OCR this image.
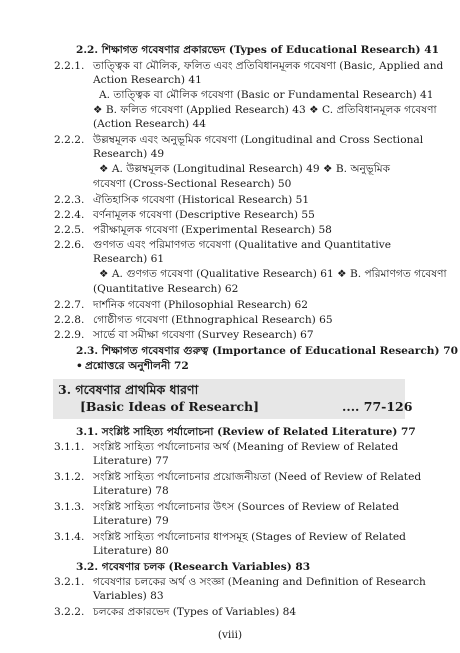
2.2. শিক্ষাগত গবেষণার প্রকারভেদ (Types of Educational Research) 41
2.2.1. তাত্ত্বিক বা মৌলিক, ফলিত এবং প্রতিবিধানমূলক গবেষণা (Basic, Applied and
Action Research) 41
A. তাত্ত্বিক বা মৌলিক গবেষণা (Basic or Fundamental Research) 41
❖ B. ফলিত গবেষণা (Applied Research) 43 ❖ C. প্রতিবিধানমূলক গবেষণা
(Action Research) 44
2.2.2. উল্লম্বমূলক এবং অনুভূমিক গবেষণা (Longitudinal and Cross Sectional
Research) 49
❖ A. উল্লম্বমূলক (Longitudinal Research) 49 ❖ B. অনুভূমিক
গবেষণা (Cross-Sectional Research) 50
2.2.3. ঐতিহাসিক গবেষণা (Historical Research) 51
2.2.4. বর্ণনামূলক গবেষণা (Descriptive Research) 55
2.2.5. পরীক্ষামূলক গবেষণা (Experimental Research) 58
2.2.6. গুণগত এবং পরিমাণগত গবেষণা (Qualitative and Quantitative
Research) 61
❖ A. গুণগত গবেষণা (Qualitative Research) 61 ❖ B. পরিমাণগত গবেষণা
(Quantitative Research) 62
2.2.7. দার্শনিক গবেষণা (Philosophial Research) 62
2.2.8. গোষ্ঠীগত গবেষণা (Ethnographical Research) 65
2.2.9. সার্ভে বা সমীক্ষা গবেষণা (Survey Research) 67
2.3. শিক্ষাগত গবেষণার গুরুত্ব (Importance of Educational Research) 70
• প্রশ্নোত্তরে অনুশীলনী 72
3. গবেষণার প্রাথমিক ধারণা
[Basic Ideas of Research]	.... 77-126
3.1. সংশ্লিষ্ট সাহিত্য পর্যালোচনা (Review of Related Literature) 77
3.1.1. সংশ্লিষ্ট সাহিত্য পর্যালোচনার অর্থ (Meaning of Review of Related
Literature) 77
3.1.2. সংশ্লিষ্ট সাহিত্য পর্যালোচনার প্রয়োজনীয়তা (Need of Review of Related
Literature) 78
3.1.3. সংশ্লিষ্ট সাহিত্য পর্যালোচনার উৎস (Sources of Review of Related
Literature) 79
3.1.4. সংশ্লিষ্ট সাহিত্য পর্যালোচনার ধাপসমূহ (Stages of Review of Related
Literature) 80
3.2. গবেষণার চলক (Research Variables) 83
3.2.1. গবেষণার চলকের অর্থ ও সংজ্ঞা (Meaning and Definition of Research
Variables) 83
3.2.2. চলকের প্রকারভেদ (Types of Variables) 84
(viii)
